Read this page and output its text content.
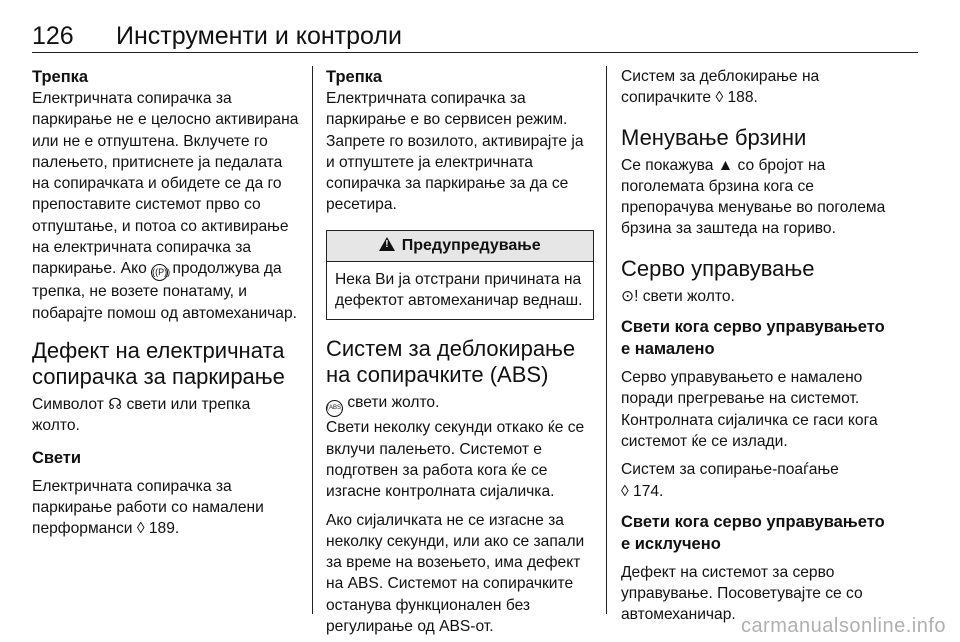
126 Инструменти и контроли
Трепка

Електричната сопирачка за паркирање не е целосно активирана или не е отпуштена. Вклучете го палењето, притиснете ја педалата на сопирачката и обидете се да го препоставите системот прво со отпуштање, и потоа со активирање на електричната сопирачка за паркирање. Ако ((P)) продолжува да трепка, не возете понатаму, и побарајте помош од автомеханичар.

Дефект на електричната сопирачка за паркирање

Символот ☊ свети или трепка жолто.

Свети

Електричната сопирачка за паркирање работи со намалени перформанси ◊ 189.

Трепка

Електричната сопирачка за паркирање е во сервисен режим. Запрете го возилото, активирајте ја и отпуштете ја електричната сопирачка за паркирање за да се ресетира.

! Предупредување

Нека Ви ја отстрани причината на дефектот автомеханичар веднаш.

Систем за деблокирање на сопирачките (ABS)

(ABS) свети жолто.

Свети неколку секунди откако ќе се вклучи палењето. Системот е подготвен за работа кога ќе се изгасне контролната сијаличка.

Ако сијаличката не се изгасне за неколку секунди, или ако се запали за време на возењето, има дефект на ABS. Системот на сопирачките останува функционален без регулирање од ABS-от.

Систем за деблокирање на сопирачките ◊ 188.

Менување брзини

Се покажува ▲ со бројот на поголемата брзина кога се препорачува менување во поголема брзина за заштеда на гориво.

Серво управување

⊙! свети жолто.

Свети кога серво управувањето е намалено

Серво управувањето е намалено поради прегревање на системот. Контролната сијаличка се гаси кога системот ќе се излади.

Систем за сопирање-поаѓање
◊ 174.

Свети кога серво управувањето е исклучено

Дефект на системот за серво управување. Посоветувајте се со автомеханичар.

carmanualsonline.info
